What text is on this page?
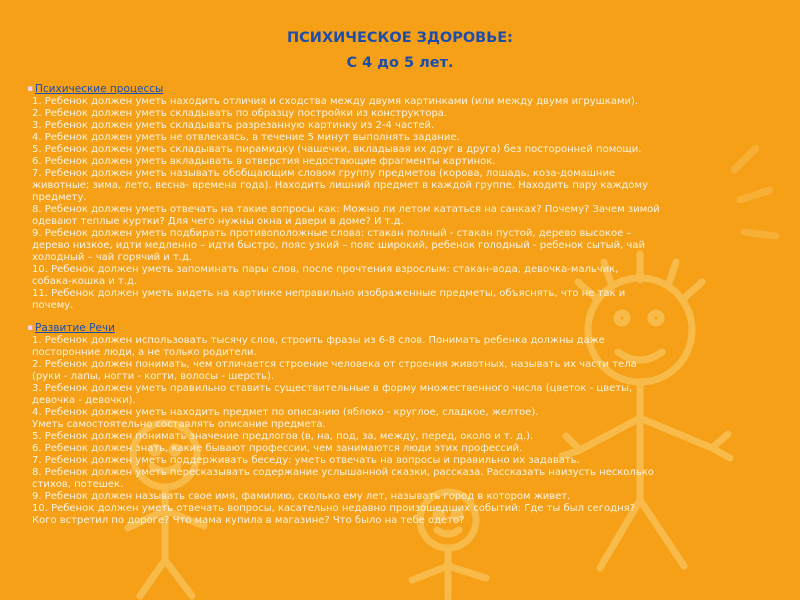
ПСИХИЧЕСКОЕ ЗДОРОВЬЕ:
С 4 до 5 лет.
▪ Психические процессы
1. Ребенок должен уметь находить отличия и сходства между двумя картинками (или между двумя игрушками).
2. Ребенок должен уметь складывать по образцу постройки из конструктора.
3. Ребенок должен уметь складывать разрезанную картинку из 2-4 частей.
4. Ребенок должен уметь не отвлекаясь, в течение 5 минут выполнять задание.
5. Ребенок должен уметь складывать пирамидку (чашечки, вкладывая их друг в друга) без посторонней помощи.
6. Ребенок должен уметь вкладывать в отверстия недостающие фрагменты картинок.
7. Ребенок должен уметь называть обобщающим словом группу предметов (корова, лошадь, коза-домашние
животные; зима, лето, весна- времена года). Находить лишний предмет в каждой группе. Находить пару каждому
предмету.
8. Ребенок должен уметь отвечать на такие вопросы как: Можно ли летом кататься на санках? Почему? Зачем зимой
одевают теплые куртки? Для чего нужны окна и двери в доме? И т.д.
9. Ребенок должен уметь подбирать противоположные слова: стакан полный - стакан пустой, дерево высокое –
дерево низкое, идти медленно – идти быстро, пояс узкий – пояс широкий, ребенок голодный - ребенок сытый, чай
холодный – чай горячий и т.д.
10. Ребенок должен уметь запоминать пары слов, после прочтения взрослым: стакан-вода, девочка-мальчик,
собака-кошка и т.д.
11. Ребенок должен уметь видеть на картинке неправильно изображенные предметы, объяснять, что не так и
почему.
▪ Развитие Речи
1. Ребенок должен использовать тысячу слов, строить фразы из 6-8 слов. Понимать ребенка должны даже
посторонние люди, а не только родители.
2. Ребенок должен понимать, чем отличается строение человека от строения животных, называть их части тела
(руки - лапы, ногти - когти, волосы - шерсть).
3. Ребенок должен уметь правильно ставить существительные в форму множественного числа (цветок - цветы,
девочка - девочки).
4. Ребенок должен уметь находить предмет по описанию (яблоко - круглое, сладкое, желтое).
Уметь самостоятельно составлять описание предмета.
5. Ребенок должен понимать значение предлогов (в, на, под, за, между, перед, около и т. д.).
6. Ребенок должен знать, какие бывают профессии, чем занимаются люди этих профессий.
7. Ребенок должен уметь поддерживать беседу: уметь отвечать на вопросы и правильно их задавать.
8. Ребенок должен уметь пересказывать содержание услышанной сказки, рассказа. Рассказать наизусть несколько
стихов, потешек.
9. Ребенок должен называть свое имя, фамилию, сколько ему лет, называть город в котором живет.
10. Ребенок должен уметь отвечать вопросы, касательно недавно произошедших событий: Где ты был сегодня?
Кого встретил по дороге? Что мама купила в магазине? Что было на тебе одето?
